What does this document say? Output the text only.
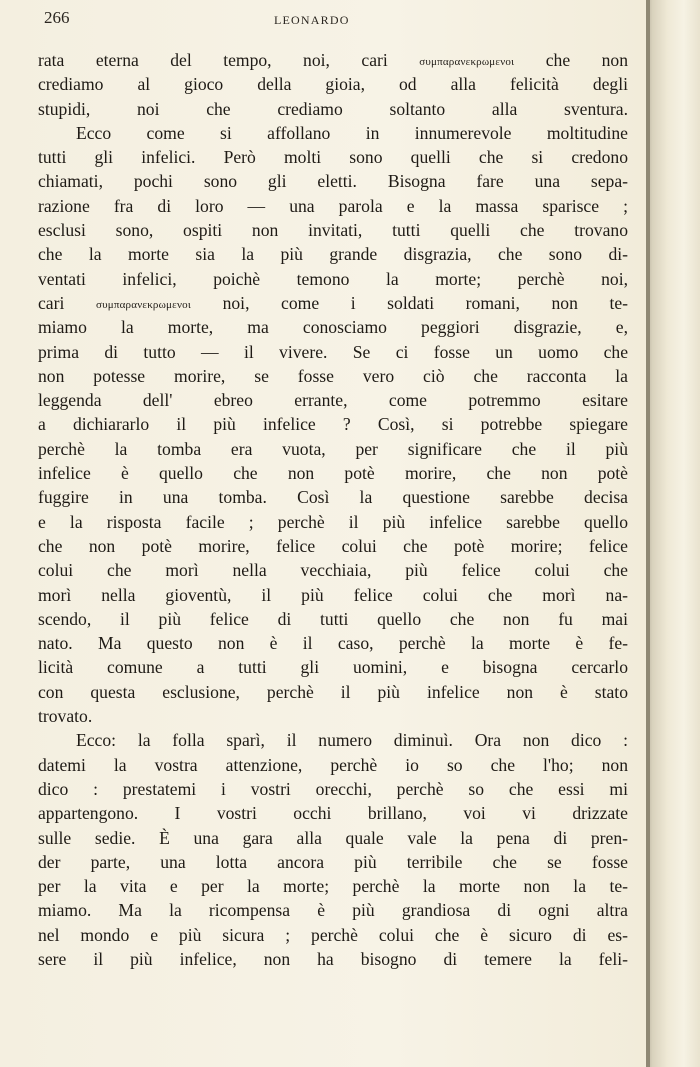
266	LEONARDO
rata eterna del tempo, noi, cari συμπαρανεκρωμενοι che non
crediamo al gioco della gioia, od alla felicità degli
stupidi, noi che crediamo soltanto alla sventura.
Ecco come si affollano in innumerevole moltitudine
tutti gli infelici. Però molti sono quelli che si credono
chiamati, pochi sono gli eletti. Bisogna fare una sepa-
razione fra di loro — una parola e la massa sparisce ;
esclusi sono, ospiti non invitati, tutti quelli che trovano
che la morte sia la più grande disgrazia, che sono di-
ventati infelici, poichè temono la morte; perchè noi,
cari συμπαρανεκρωμενοι noi, come i soldati romani, non te-
miamo la morte, ma conosciamo peggiori disgrazie, e,
prima di tutto — il vivere. Se ci fosse un uomo che
non potesse morire, se fosse vero ciò che racconta la
leggenda dell' ebreo errante, come potremmo esitare
a dichiararlo il più infelice ? Così, si potrebbe spiegare
perchè la tomba era vuota, per significare che il più
infelice è quello che non potè morire, che non potè
fuggire in una tomba. Così la questione sarebbe decisa
e la risposta facile ; perchè il più infelice sarebbe quello
che non potè morire, felice colui che potè morire; felice
colui che morì nella vecchiaia, più felice colui che
morì nella gioventù, il più felice colui che morì na-
scendo, il più felice di tutti quello che non fu mai
nato. Ma questo non è il caso, perchè la morte è fe-
licità comune a tutti gli uomini, e bisogna cercarlo
con questa esclusione, perchè il più infelice non è stato
trovato.
Ecco: la folla sparì, il numero diminuì. Ora non dico :
datemi la vostra attenzione, perchè io so che l'ho; non
dico : prestatemi i vostri orecchi, perchè so che essi mi
appartengono. I vostri occhi brillano, voi vi drizzate
sulle sedie. È una gara alla quale vale la pena di pren-
der parte, una lotta ancora più terribile che se fosse
per la vita e per la morte; perchè la morte non la te-
miamo. Ma la ricompensa è più grandiosa di ogni altra
nel mondo e più sicura ; perchè colui che è sicuro di es-
sere il più infelice, non ha bisogno di temere la feli-
